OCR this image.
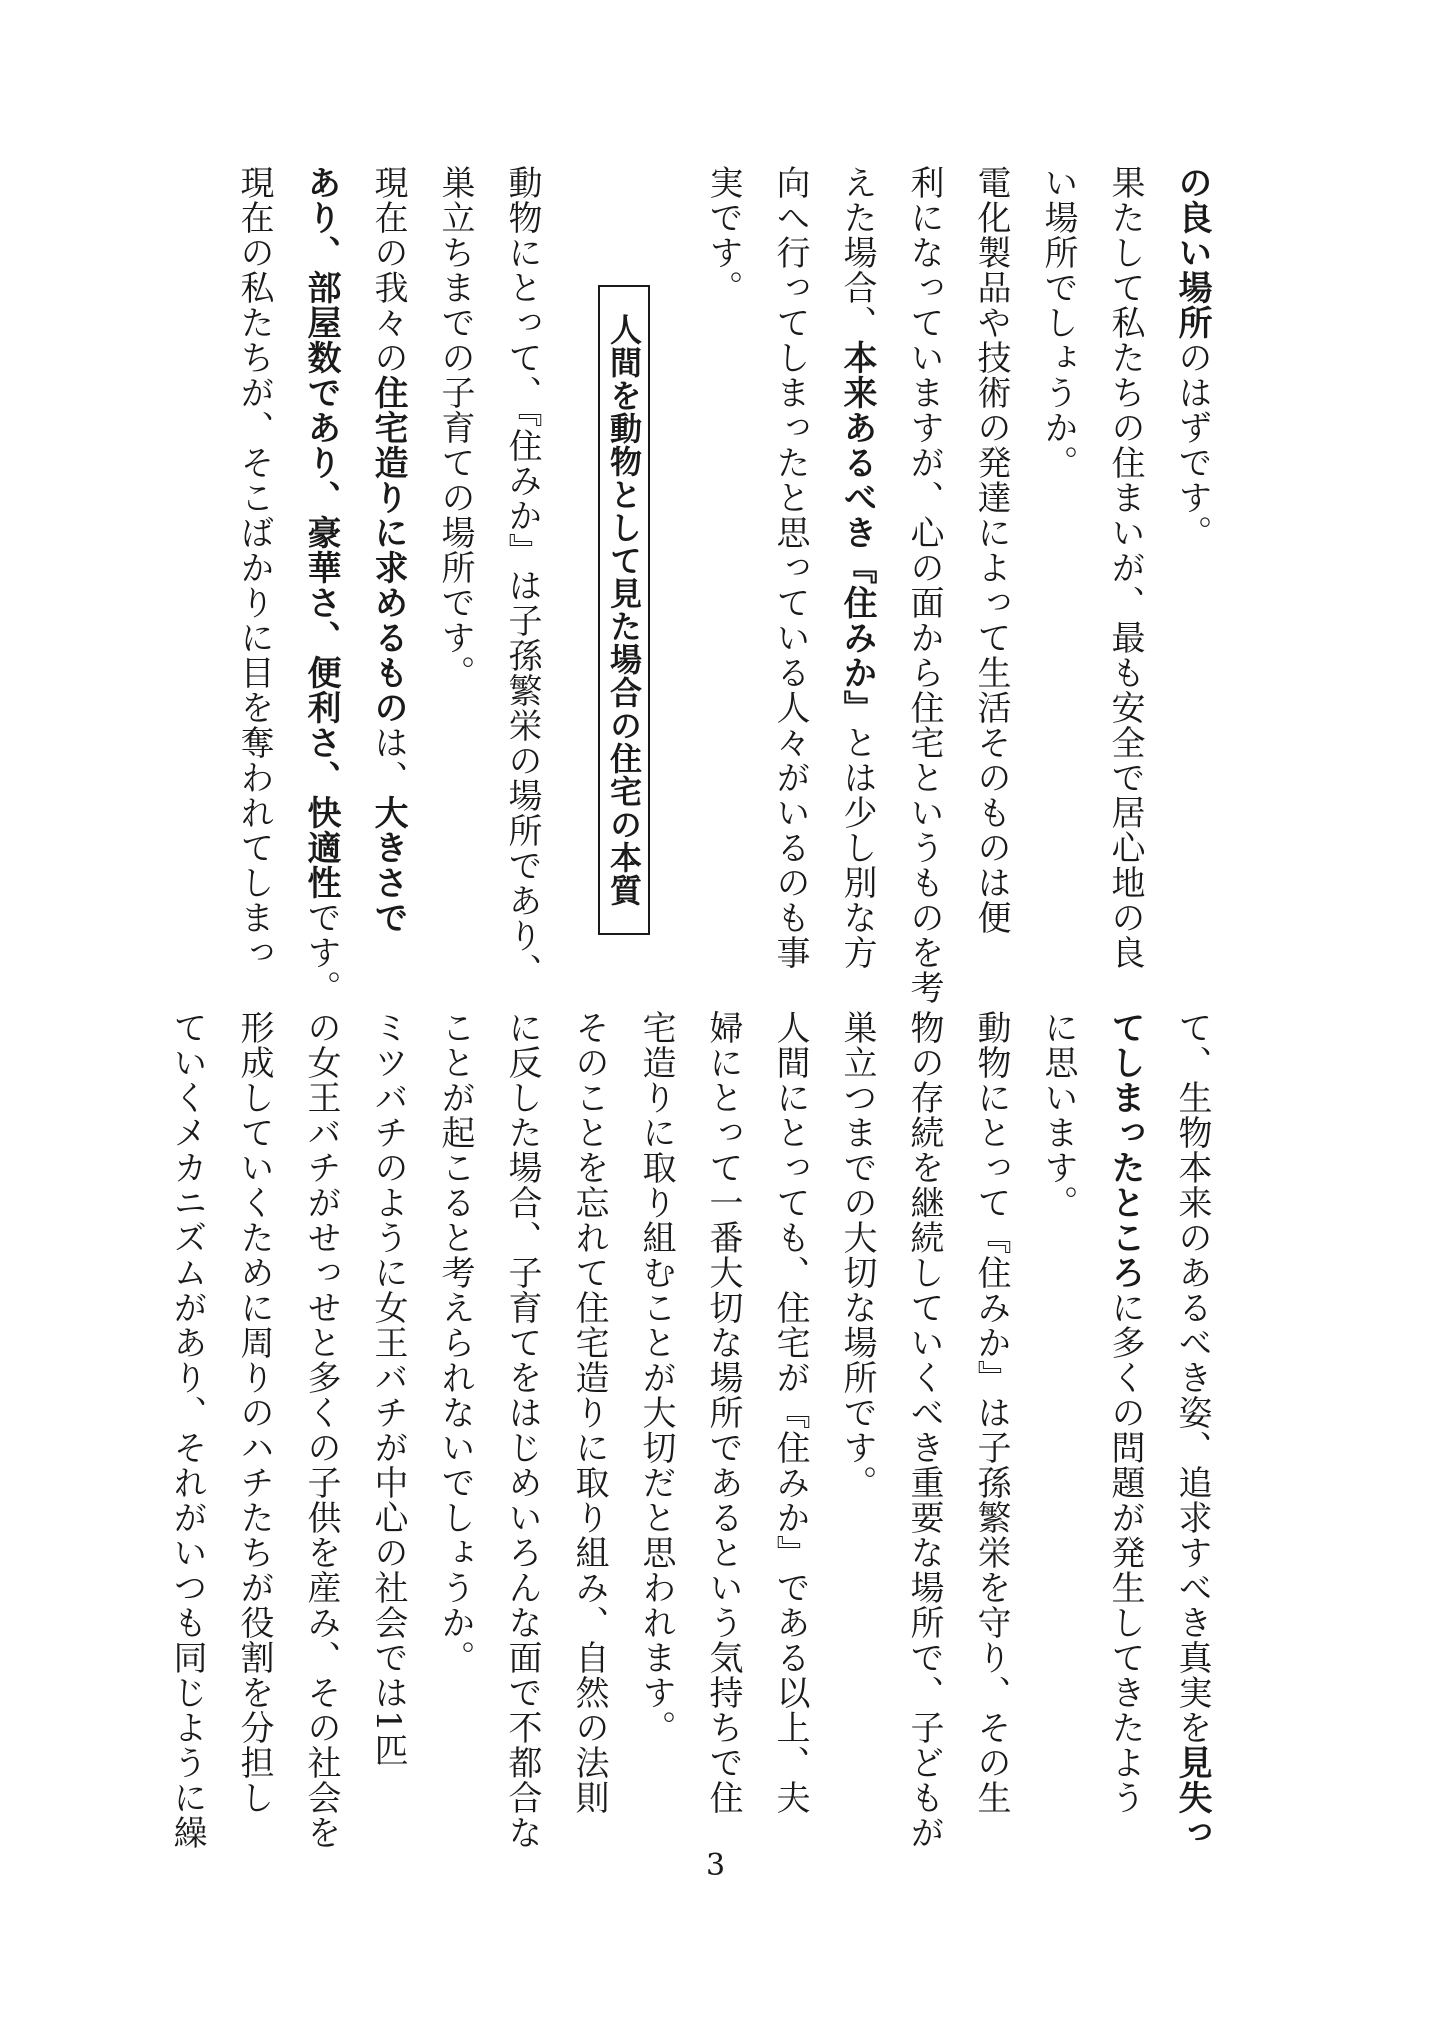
の良い場所のはずです。
果たして私たちの住まいが、最も安全で居心地の良
い場所でしょうか。
電化製品や技術の発達によって生活そのものは便
利になっていますが、心の面から住宅というものを考
えた場合、本来あるべき『住みか』とは少し別な方
向へ行ってしまったと思っている人々がいるのも事
実です。

動物にとって、『住みか』は子孫繁栄の場所であり、
巣立ちまでの子育ての場所です。
現在の我々の住宅造りに求めるものは、大きさで
あり、部屋数であり、豪華さ、便利さ、快適性です。
現在の私たちが、そこばかりに目を奪われてしまっ	人間を動物として見た場合の住宅の本質
て、生物本来のあるべき姿、追求すべき真実を見失っ
てしまったところに多くの問題が発生してきたよう
に思います。
動物にとって『住みか』は子孫繁栄を守り、その生
物の存続を継続していくべき重要な場所で、子どもが
巣立つまでの大切な場所です。
人間にとっても、住宅が『住みか』である以上、夫
婦にとって一番大切な場所であるという気持ちで住
宅造りに取り組むことが大切だと思われます。
そのことを忘れて住宅造りに取り組み、自然の法則
に反した場合、子育てをはじめいろんな面で不都合な
ことが起こると考えられないでしょうか。
ミツバチのように女王バチが中心の社会では1匹
の女王バチがせっせと多くの子供を産み、その社会を
形成していくために周りのハチたちが役割を分担し
ていくメカニズムがあり、それがいつも同じように繰
3
